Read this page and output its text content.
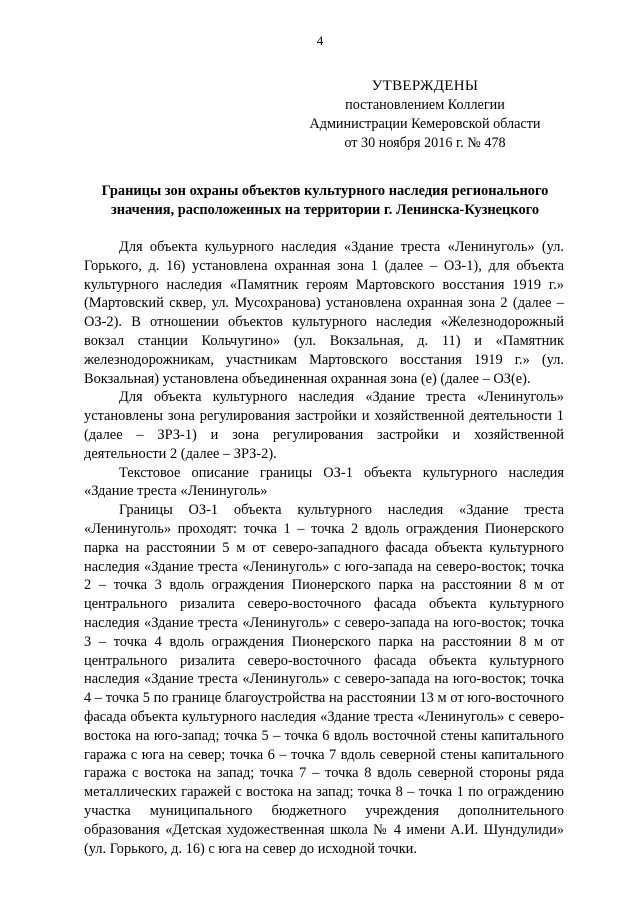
4
УТВЕРЖДЕНЫ
постановлением Коллегии
Администрации Кемеровской области
от 30 ноября 2016 г. № 478
Границы зон охраны объектов культурного наследия регионального значения, расположенных на территории г. Ленинска-Кузнецкого

Для объекта кульурного наследия «Здание треста «Ленинуголь» (ул. Горького, д. 16) установлена охранная зона 1 (далее – ОЗ-1), для объекта культурного наследия «Памятник героям Мартовского восстания 1919 г.» (Мартовский сквер, ул. Мусохранова) установлена охранная зона 2 (далее – ОЗ-2). В отношении объектов культурного наследия «Железнодорожный вокзал станции Кольчугино» (ул. Вокзальная, д. 11) и «Памятник железнодорожникам, участникам Мартовского восстания 1919 г.» (ул. Вокзальная) установлена объединенная охранная зона (е) (далее – ОЗ(е).

Для объекта культурного наследия «Здание треста «Ленинуголь» установлены зона регулирования застройки и хозяйственной деятельности 1 (далее – ЗРЗ-1) и зона регулирования застройки и хозяйственной деятельности 2 (далее – ЗРЗ-2).

Текстовое описание границы ОЗ-1 объекта культурного наследия «Здание треста «Ленинуголь»

Границы ОЗ-1 объекта культурного наследия «Здание треста «Ленинуголь» проходят: точка 1 – точка 2 вдоль ограждения Пионерского парка на расстоянии 5 м от северо-западного фасада объекта культурного наследия «Здание треста «Ленинуголь» с юго-запада на северо-восток; точка 2 – точка 3 вдоль ограждения Пионерского парка на расстоянии 8 м от центрального ризалита северо-восточного фасада объекта культурного наследия «Здание треста «Ленинуголь» с северо-запада на юго-восток; точка 3 – точка 4 вдоль ограждения Пионерского парка на расстоянии 8 м от центрального ризалита северо-восточного фасада объекта культурного наследия «Здание треста «Ленинуголь» с северо-запада на юго-восток; точка 4 – точка 5 по границе благоустройства на расстоянии 13 м от юго-восточного фасада объекта культурного наследия «Здание треста «Ленинуголь» с северо-востока на юго-запад; точка 5 – точка 6 вдоль восточной стены капитального гаража с юга на север; точка 6 – точка 7 вдоль северной стены капитального гаража с востока на запад; точка 7 – точка 8 вдоль северной стороны ряда металлических гаражей с востока на запад; точка 8 – точка 1 по ограждению участка муниципального бюджетного учреждения дополнительного образования «Детская художественная школа № 4 имени А.И. Шундулиди» (ул. Горького, д. 16) с юга на север до исходной точки.
